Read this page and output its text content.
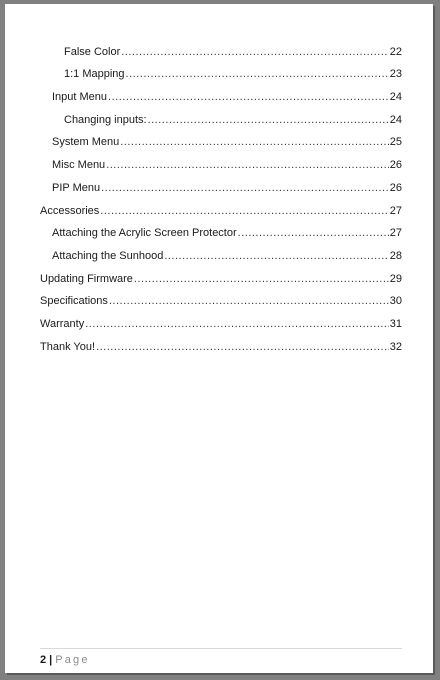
False Color .....	22
1:1 Mapping .....	23
Input Menu .....	24
Changing inputs: .....	24
System Menu .....	25
Misc Menu .....	26
PIP Menu .....	26
Accessories .....	27
Attaching the Acrylic Screen Protector .....	27
Attaching the Sunhood .....	28
Updating Firmware .....	29
Specifications .....	30
Warranty .....	31
Thank You! .....	32
2 | Page
